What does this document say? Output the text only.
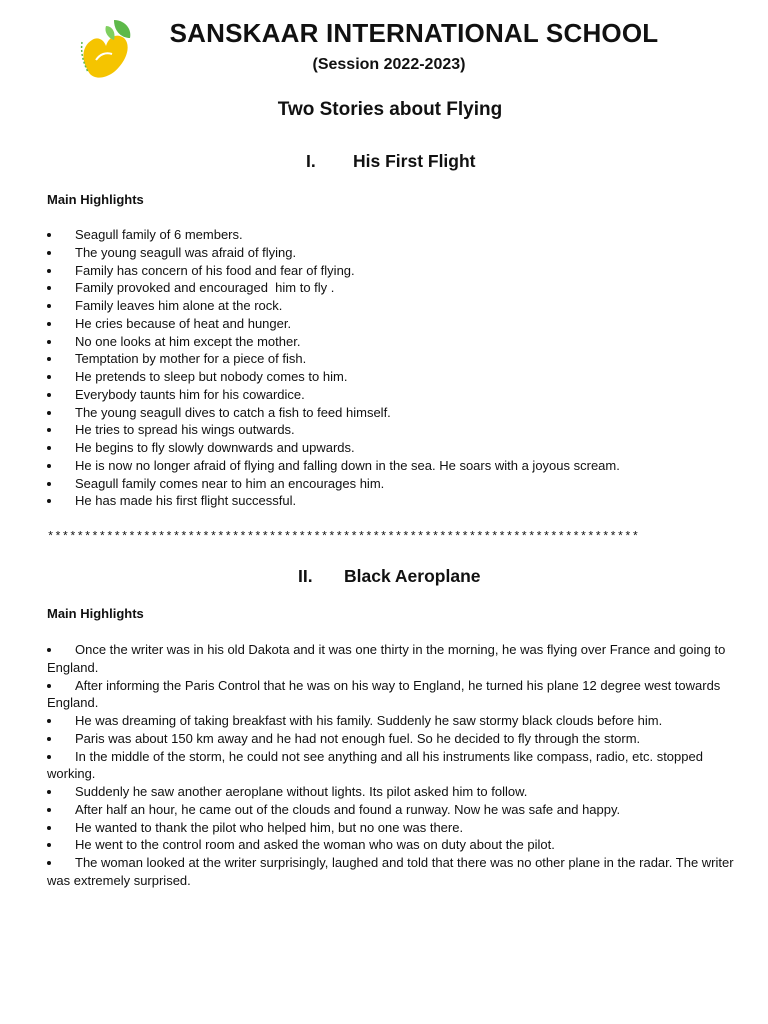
SANSKAAR INTERNATIONAL SCHOOL
(Session 2022-2023)
Two Stories about Flying
I. His First Flight
Main Highlights
Seagull family of 6 members.
The young seagull was afraid of flying.
Family has concern of his food and fear of flying.
Family provoked and encouraged  him to fly .
Family leaves him alone at the rock.
He cries because of heat and hunger.
No one looks at him except the mother.
Temptation by mother for a piece of fish.
He pretends to sleep but nobody comes to him.
Everybody taunts him for his cowardice.
The young seagull dives to catch a fish to feed himself.
He tries to spread his wings outwards.
He begins to fly slowly downwards and upwards.
He is now no longer afraid of flying and falling down in the sea. He soars with a joyous scream.
Seagull family comes near to him an encourages him.
He has made his first flight successful.
********************************************************************************
II. Black Aeroplane
Main Highlights
Once the writer was in his old Dakota and it was one thirty in the morning, he was flying over France and going to England.
After informing the Paris Control that he was on his way to England, he turned his plane 12 degree west towards England.
He was dreaming of taking breakfast with his family. Suddenly he saw stormy black clouds before him.
Paris was about 150 km away and he had not enough fuel. So he decided to fly through the storm.
In the middle of the storm, he could not see anything and all his instruments like compass, radio, etc. stopped working.
Suddenly he saw another aeroplane without lights. Its pilot asked him to follow.
After half an hour, he came out of the clouds and found a runway. Now he was safe and happy.
He wanted to thank the pilot who helped him, but no one was there.
He went to the control room and asked the woman who was on duty about the pilot.
The woman looked at the writer surprisingly, laughed and told that there was no other plane in the radar. The writer was extremely surprised.
